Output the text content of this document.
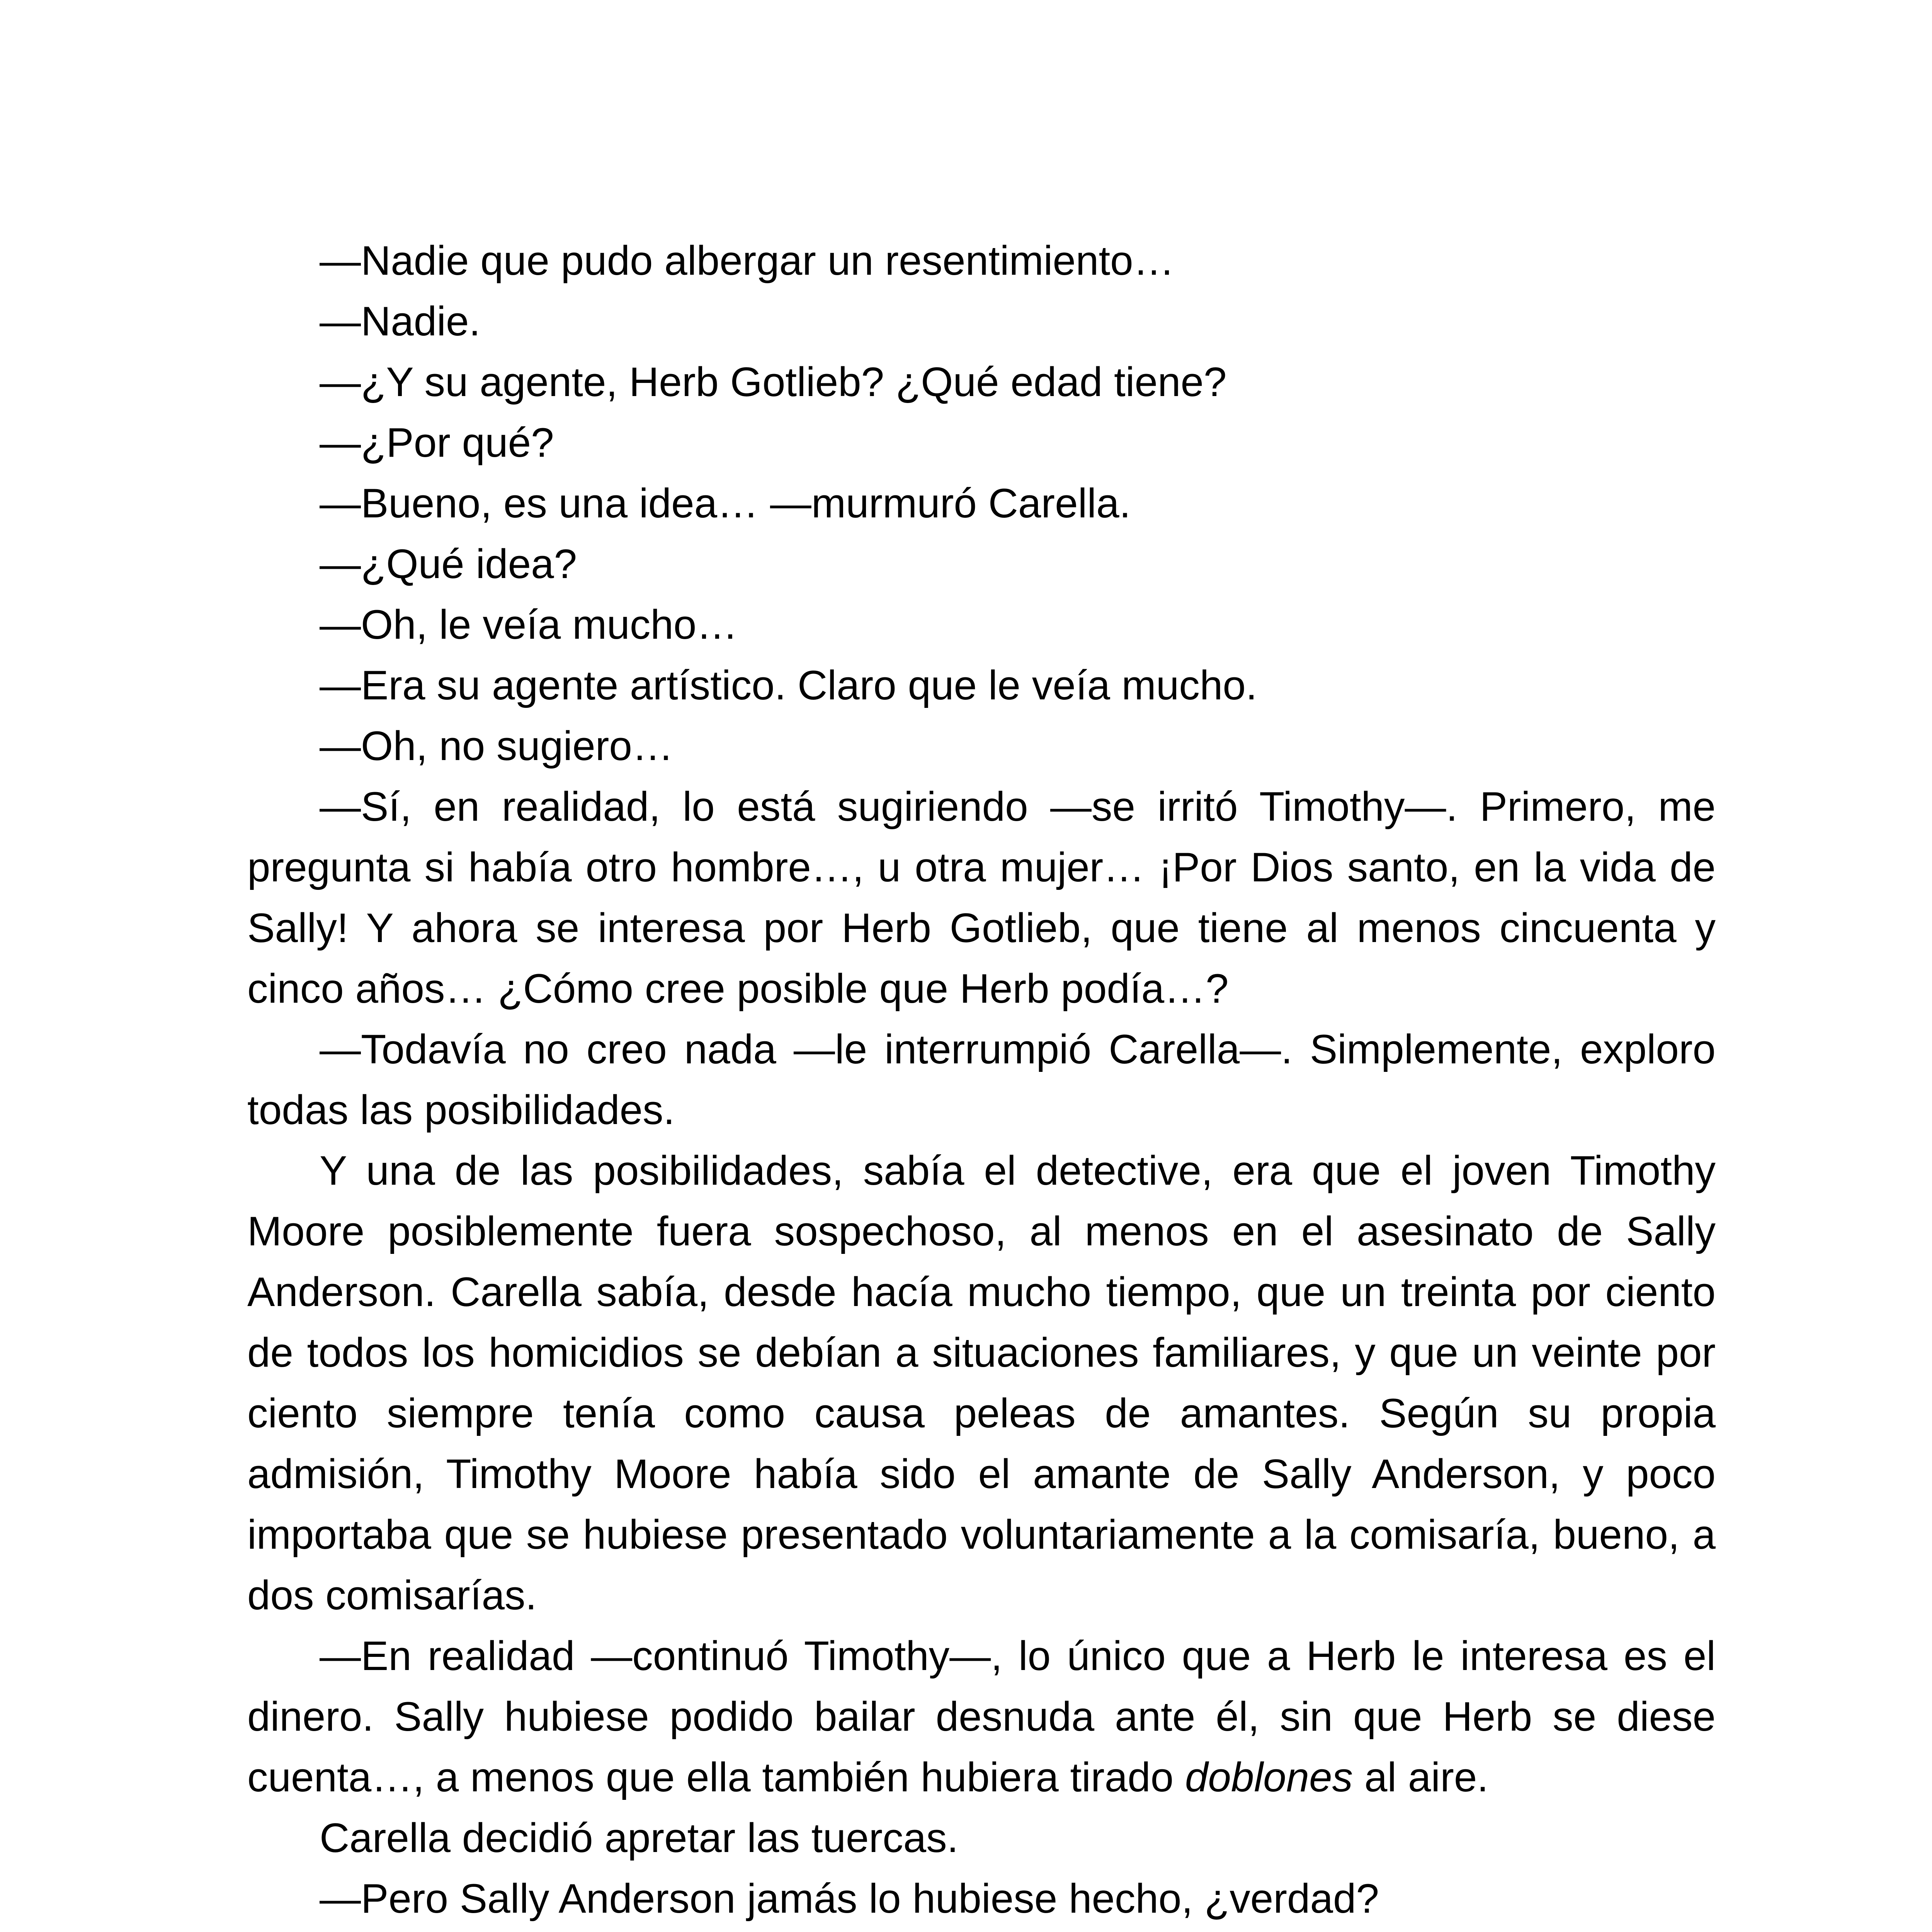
—Nadie que pudo albergar un resentimiento…

—Nadie.

—¿Y su agente, Herb Gotlieb? ¿Qué edad tiene?

—¿Por qué?

—Bueno, es una idea… —murmuró Carella.

—¿Qué idea?

—Oh, le veía mucho…

—Era su agente artístico. Claro que le veía mucho.

—Oh, no sugiero…

—Sí, en realidad, lo está sugiriendo —se irritó Timothy—. Primero, me pregunta si había otro hombre…, u otra mujer… ¡Por Dios santo, en la vida de Sally! Y ahora se interesa por Herb Gotlieb, que tiene al menos cincuenta y cinco años… ¿Cómo cree posible que Herb podía…?

—Todavía no creo nada —le interrumpió Carella—. Simplemente, exploro todas las posibilidades.

Y una de las posibilidades, sabía el detective, era que el joven Timothy Moore posiblemente fuera sospechoso, al menos en el asesinato de Sally Anderson. Carella sabía, desde hacía mucho tiempo, que un treinta por ciento de todos los homicidios se debían a situaciones familiares, y que un veinte por ciento siempre tenía como causa peleas de amantes. Según su propia admisión, Timothy Moore había sido el amante de Sally Anderson, y poco importaba que se hubiese presentado voluntariamente a la comisaría, bueno, a dos comisarías.

—En realidad —continuó Timothy—, lo único que a Herb le interesa es el dinero. Sally hubiese podido bailar desnuda ante él, sin que Herb se diese cuenta…, a menos que ella también hubiera tirado doblones al aire.

Carella decidió apretar las tuercas.

—Pero Sally Anderson jamás lo hubiese hecho, ¿verdad?
